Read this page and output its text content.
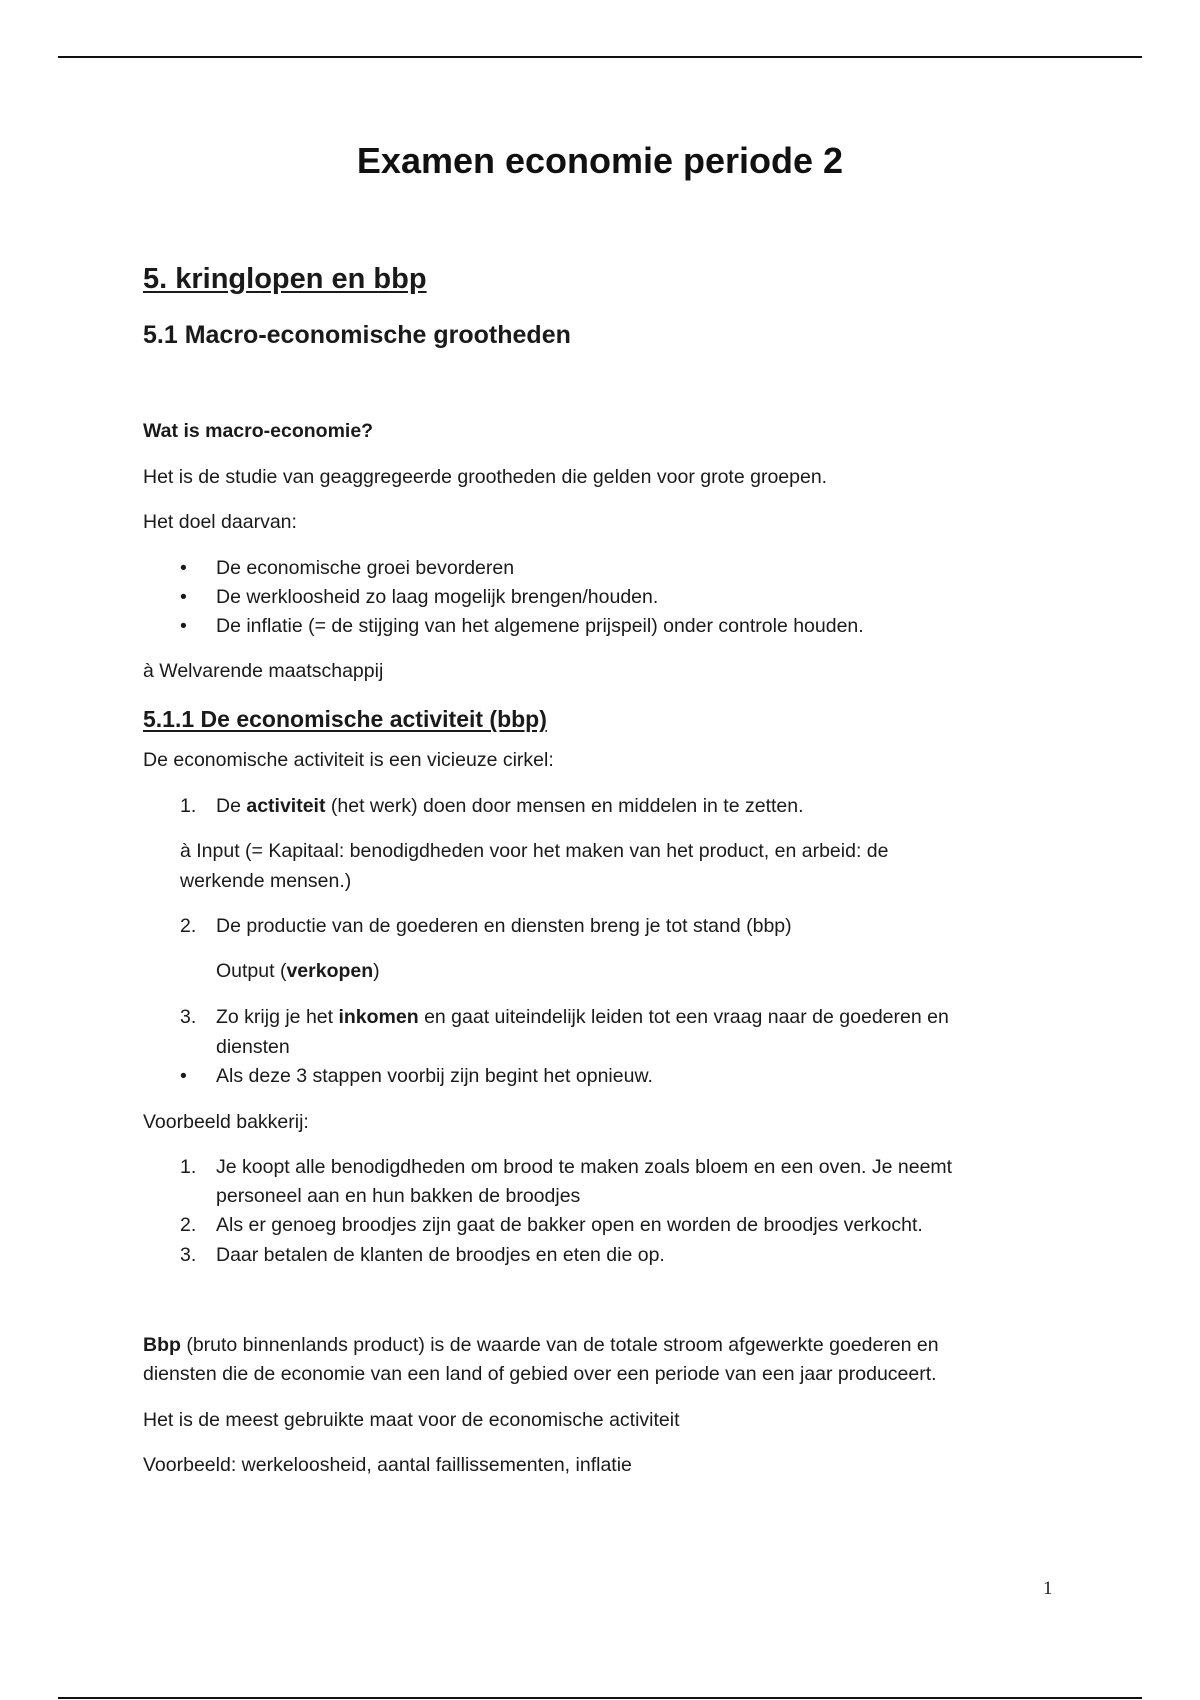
Examen economie periode 2
5. kringlopen en bbp
5.1 Macro-economische grootheden

Wat is macro-economie?

Het is de studie van geaggregeerde grootheden die gelden voor grote groepen.

Het doel daarvan:

• De economische groei bevorderen

• De werkloosheid zo laag mogelijk brengen/houden.

• De inflatie (= de stijging van het algemene prijspeil) onder controle houden.

à Welvarende maatschappij

5.1.1 De economische activiteit (bbp)

De economische activiteit is een vicieuze cirkel:

1. De activiteit (het werk) doen door mensen en middelen in te zetten.

à Input (= Kapitaal: benodigdheden voor het maken van het product, en arbeid: de

werkende mensen.)

2. De productie van de goederen en diensten breng je tot stand (bbp)

Output (verkopen)

3. Zo krijg je het inkomen en gaat uiteindelijk leiden tot een vraag naar de goederen en

diensten

• Als deze 3 stappen voorbij zijn begint het opnieuw.

Voorbeeld bakkerij:

1. Je koopt alle benodigdheden om brood te maken zoals bloem en een oven. Je neemt

personeel aan en hun bakken de broodjes

2. Als er genoeg broodjes zijn gaat de bakker open en worden de broodjes verkocht.

3. Daar betalen de klanten de broodjes en eten die op.

Bbp (bruto binnenlands product) is de waarde van de totale stroom afgewerkte goederen en

diensten die de economie van een land of gebied over een periode van een jaar produceert.

Het is de meest gebruikte maat voor de economische activiteit

Voorbeeld: werkeloosheid, aantal faillissementen, inflatie

1
